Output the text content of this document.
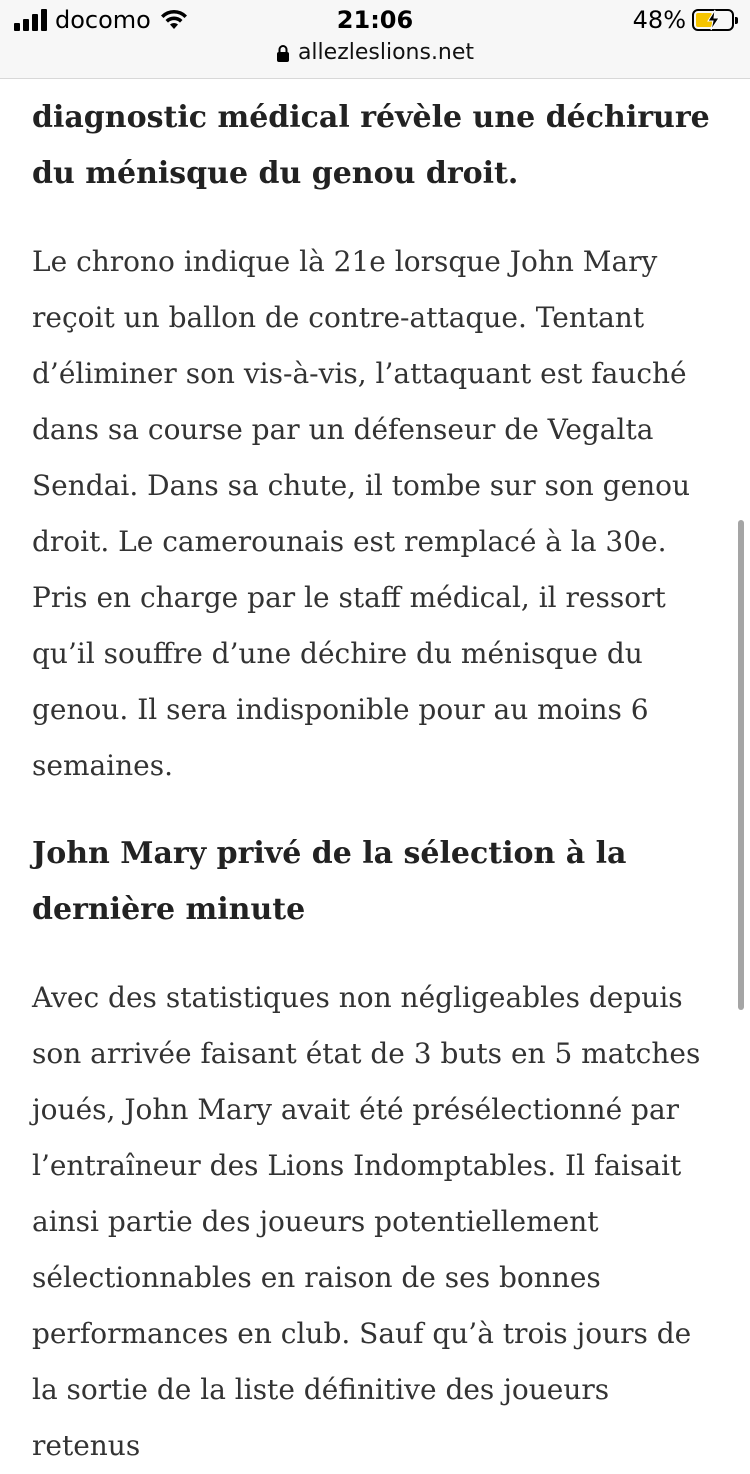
docomo	21:06	48%
allezleslions.net
diagnostic médical révèle une déchirure du ménisque du genou droit.

Le chrono indique là 21e lorsque John Mary reçoit un ballon de contre-attaque. Tentant d’éliminer son vis-à-vis, l’attaquant est fauché dans sa course par un défenseur de Vegalta Sendai. Dans sa chute, il tombe sur son genou droit. Le camerounais est remplacé à la 30e. Pris en charge par le staff médical, il ressort qu’il souffre d’une déchire du ménisque du genou. Il sera indisponible pour au moins 6 semaines.

John Mary privé de la sélection à la dernière minute

Avec des statistiques non négligeables depuis son arrivée faisant état de 3 buts en 5 matches joués, John Mary avait été présélectionné par l’entraîneur des Lions Indomptables. Il faisait ainsi partie des joueurs potentiellement sélectionnables en raison de ses bonnes performances en club. Sauf qu’à trois jours de la sortie de la liste définitive des joueurs retenus
